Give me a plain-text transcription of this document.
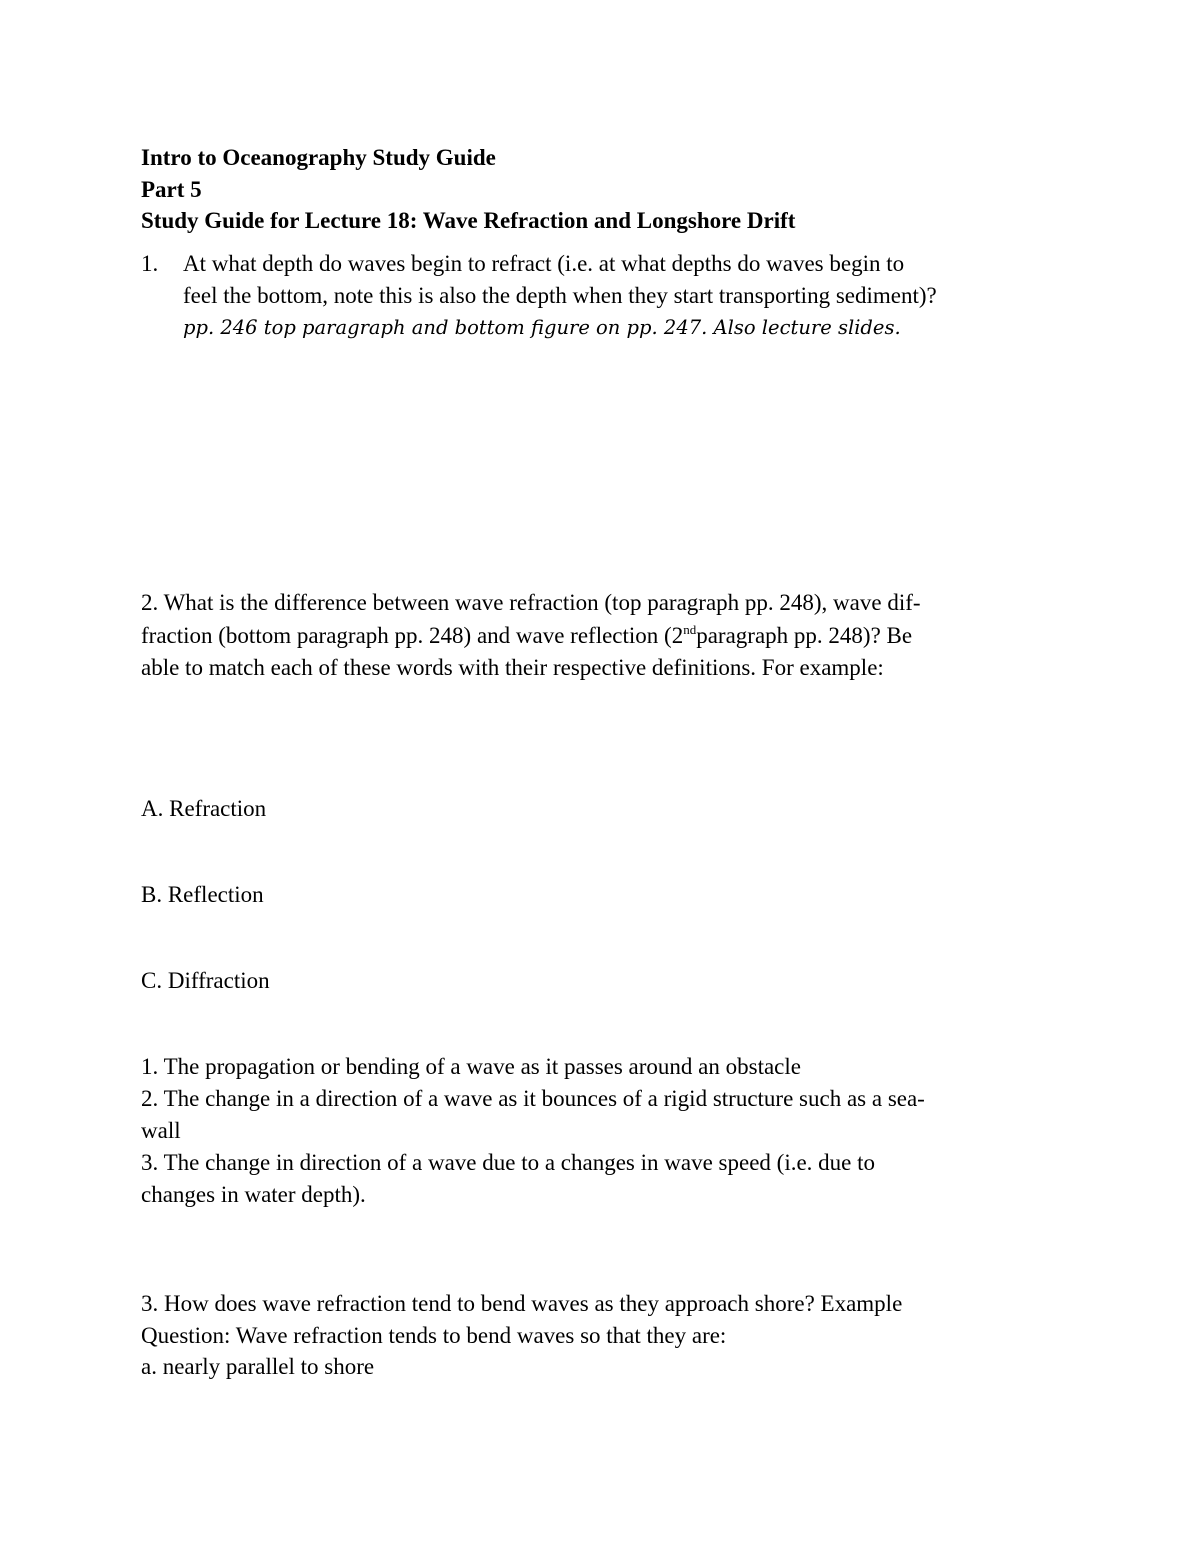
Intro to Oceanography Study Guide
Part 5
Study Guide for Lecture 18: Wave Refraction and Longshore Drift
1. At what depth do waves begin to refract (i.e. at what depths do waves begin to
feel the bottom, note this is also the depth when they start transporting sediment)?
pp. 246 top paragraph and bottom figure on pp. 247. Also lecture slides.
2. What is the difference between wave refraction (top paragraph pp. 248), wave dif-
fraction (bottom paragraph pp. 248) and wave reflection (2ndparagraph pp. 248)? Be
able to match each of these words with their respective definitions. For example:
A. Refraction
B. Reflection
C. Diffraction
1. The propagation or bending of a wave as it passes around an obstacle
2. The change in a direction of a wave as it bounces of a rigid structure such as a sea-
wall
3. The change in direction of a wave due to a changes in wave speed (i.e. due to
changes in water depth).
3. How does wave refraction tend to bend waves as they approach shore? Example
Question: Wave refraction tends to bend waves so that they are:
a. nearly parallel to shore
